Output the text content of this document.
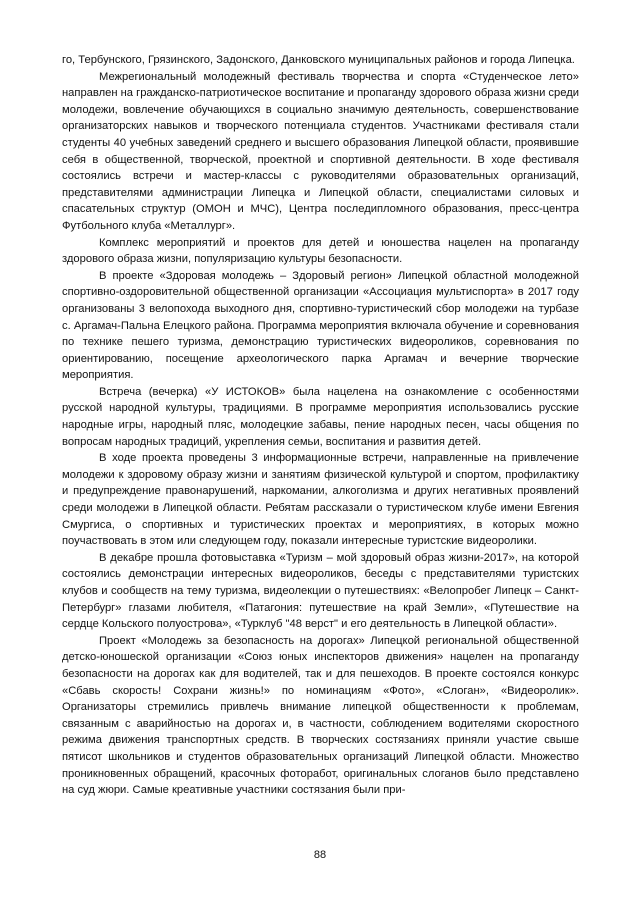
го, Тербунского, Грязинского, Задонского, Данковского муниципальных районов и города Липецка.

Межрегиональный молодежный фестиваль творчества и спорта «Студенческое лето» направлен на гражданско-патриотическое воспитание и пропаганду здорового образа жизни среди молодежи, вовлечение обучающихся в социально значимую деятельность, совершенствование организаторских навыков и творческого потенциала студентов. Участниками фестиваля стали студенты 40 учебных заведений среднего и высшего образования Липецкой области, проявившие себя в общественной, творческой, проектной и спортивной деятельности. В ходе фестиваля состоялись встречи и мастер-классы с руководителями образовательных организаций, представителями администрации Липецка и Липецкой области, специалистами силовых и спасательных структур (ОМОН и МЧС), Центра последипломного образования, пресс-центра Футбольного клуба «Металлург».

Комплекс мероприятий и проектов для детей и юношества нацелен на пропаганду здорового образа жизни, популяризацию культуры безопасности.

В проекте «Здоровая молодежь – Здоровый регион» Липецкой областной молодежной спортивно-оздоровительной общественной организации «Ассоциация мультиспорта» в 2017 году организованы 3 велопохода выходного дня, спортивно-туристический сбор молодежи на турбазе с. Аргамач-Пальна Елецкого района. Программа мероприятия включала обучение и соревнования по технике пешего туризма, демонстрацию туристических видеороликов, соревнования по ориентированию, посещение археологического парка Аргамач и вечерние творческие мероприятия.

Встреча (вечерка) «У ИСТОКОВ» была нацелена на ознакомление с особенностями русской народной культуры, традициями. В программе мероприятия использовались русские народные игры, народный пляс, молодецкие забавы, пение народных песен, часы общения по вопросам народных традиций, укрепления семьи, воспитания и развития детей.

В ходе проекта проведены 3 информационные встречи, направленные на привлечение молодежи к здоровому образу жизни и занятиям физической культурой и спортом, профилактику и предупреждение правонарушений, наркомании, алкоголизма и других негативных проявлений среди молодежи в Липецкой области. Ребятам рассказали о туристическом клубе имени Евгения Смургиса, о спортивных и туристических проектах и мероприятиях, в которых можно поучаствовать в этом или следующем году, показали интересные туристские видеоролики.

В декабре прошла фотовыставка «Туризм – мой здоровый образ жизни-2017», на которой состоялись демонстрации интересных видеороликов, беседы с представителями туристских клубов и сообществ на тему туризма, видеолекции о путешествиях: «Велопробег Липецк – Санкт-Петербург» глазами любителя, «Патагония: путешествие на край Земли», «Путешествие на сердце Кольского полуострова», «Турклуб "48 верст" и его деятельность в Липецкой области».

Проект «Молодежь за безопасность на дорогах» Липецкой региональной общественной детско-юношеской организации «Союз юных инспекторов движения» нацелен на пропаганду безопасности на дорогах как для водителей, так и для пешеходов. В проекте состоялся конкурс «Сбавь скорость! Сохрани жизнь!» по номинациям «Фото», «Слоган», «Видеоролик». Организаторы стремились привлечь внимание липецкой общественности к проблемам, связанным с аварийностью на дорогах и, в частности, соблюдением водителями скоростного режима движения транспортных средств. В творческих состязаниях приняли участие свыше пятисот школьников и студентов образовательных организаций Липецкой области. Множество проникновенных обращений, красочных фоторабот, оригинальных слоганов было представлено на суд жюри. Самые креативные участники состязания были при-

88
